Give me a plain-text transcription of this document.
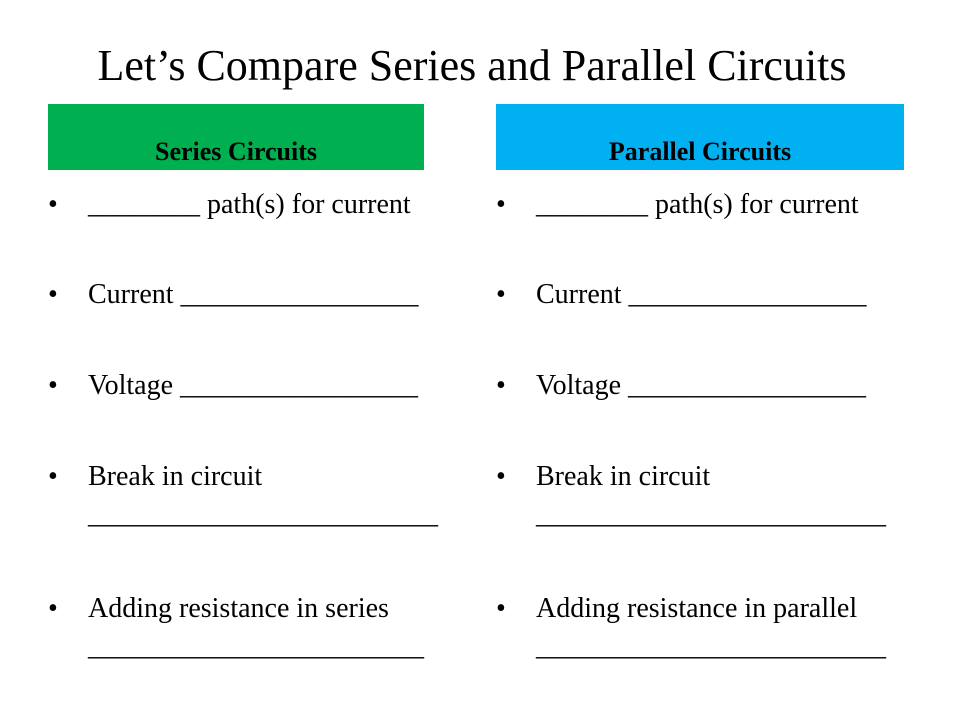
Let’s Compare Series and Parallel Circuits
Series Circuits
•	________ path(s) for current
•	Current _________________
•	Voltage _________________
•	Break in circuit
_________________________
•	Adding resistance in series
________________________
Parallel Circuits
•	________ path(s) for current
•	Current _________________
•	Voltage _________________
•	Break in circuit
_________________________
•	Adding resistance in parallel
_________________________
